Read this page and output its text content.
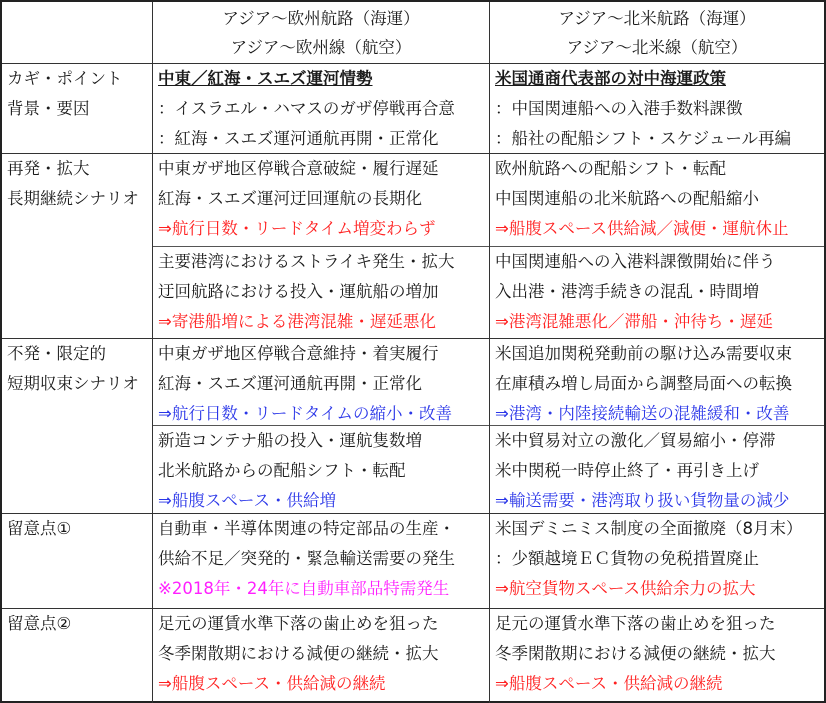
アジア～欧州航路（海運）
アジア～欧州線（航空）
アジア～北米航路（海運）
アジア～北米線（航空）
カギ・ポイント
背景・要因
中東／紅海・スエズ運河情勢
：イスラエル・ハマスのガザ停戦再合意
：紅海・スエズ運河通航再開・正常化
米国通商代表部の対中海運政策
：中国関連船への入港手数料課徴
：船社の配船シフト・スケジュール再編
再発・拡大
長期継続シナリオ
中東ガザ地区停戦合意破綻・履行遅延
紅海・スエズ運河迂回運航の長期化
⇒航行日数・リードタイム増変わらず
主要港湾におけるストライキ発生・拡大
迂回航路における投入・運航船の増加
⇒寄港船増による港湾混雑・遅延悪化
欧州航路への配船シフト・転配
中国関連船の北米航路への配船縮小
⇒船腹スペース供給減／減便・運航休止
中国関連船への入港料課徴開始に伴う
入出港・港湾手続きの混乱・時間増
⇒港湾混雑悪化／滞船・沖待ち・遅延
不発・限定的
短期収束シナリオ
中東ガザ地区停戦合意維持・着実履行
紅海・スエズ運河通航再開・正常化
⇒航行日数・リードタイムの縮小・改善
新造コンテナ船の投入・運航隻数増
北米航路からの配船シフト・転配
⇒船腹スペース・供給増
米国追加関税発動前の駆け込み需要収束
在庫積み増し局面から調整局面への転換
⇒港湾・内陸接続輸送の混雑緩和・改善
米中貿易対立の激化／貿易縮小・停滞
米中関税一時停止終了・再引き上げ
⇒輸送需要・港湾取り扱い貨物量の減少
留意点①	自動車・半導体関連の特定部品の生産・
供給不足／突発的・緊急輸送需要の発生
※2018年・24年に自動車部品特需発生
米国デミニミス制度の全面撤廃（8月末）
：少額越境ＥＣ貨物の免税措置廃止
⇒航空貨物スペース供給余力の拡大
留意点②	足元の運賃水準下落の歯止めを狙った
冬季閑散期における減便の継続・拡大
⇒船腹スペース・供給減の継続
足元の運賃水準下落の歯止めを狙った
冬季閑散期における減便の継続・拡大
⇒船腹スペース・供給減の継続
